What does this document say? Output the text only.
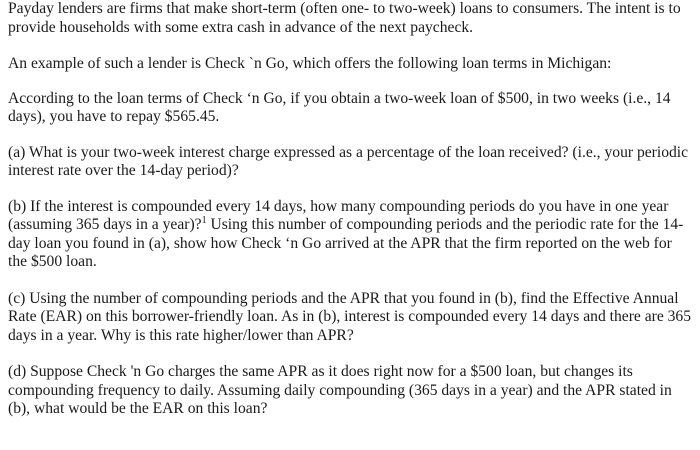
Payday lenders are firms that make short-term (often one- to two-week) loans to consumers. The intent is to provide households with some extra cash in advance of the next paycheck.

An example of such a lender is Check `n Go, which offers the following loan terms in Michigan:

According to the loan terms of Check ‘n Go, if you obtain a two-week loan of $500, in two weeks (i.e., 14 days), you have to repay $565.45.

(a) What is your two-week interest charge expressed as a percentage of the loan received? (i.e., your periodic interest rate over the 14-day period)?

(b) If the interest is compounded every 14 days, how many compounding periods do you have in one year (assuming 365 days in a year)?$^1$ Using this number of compounding periods and the periodic rate for the 14-day loan you found in (a), show how Check ‘n Go arrived at the APR that the firm reported on the web for the $500 loan.

(c) Using the number of compounding periods and the APR that you found in (b), find the Effective Annual Rate (EAR) on this borrower-friendly loan. As in (b), interest is compounded every 14 days and there are 365 days in a year. Why is this rate higher/lower than APR?

(d) Suppose Check 'n Go charges the same APR as it does right now for a $500 loan, but changes its compounding frequency to daily. Assuming daily compounding (365 days in a year) and the APR stated in (b), what would be the EAR on this loan?
